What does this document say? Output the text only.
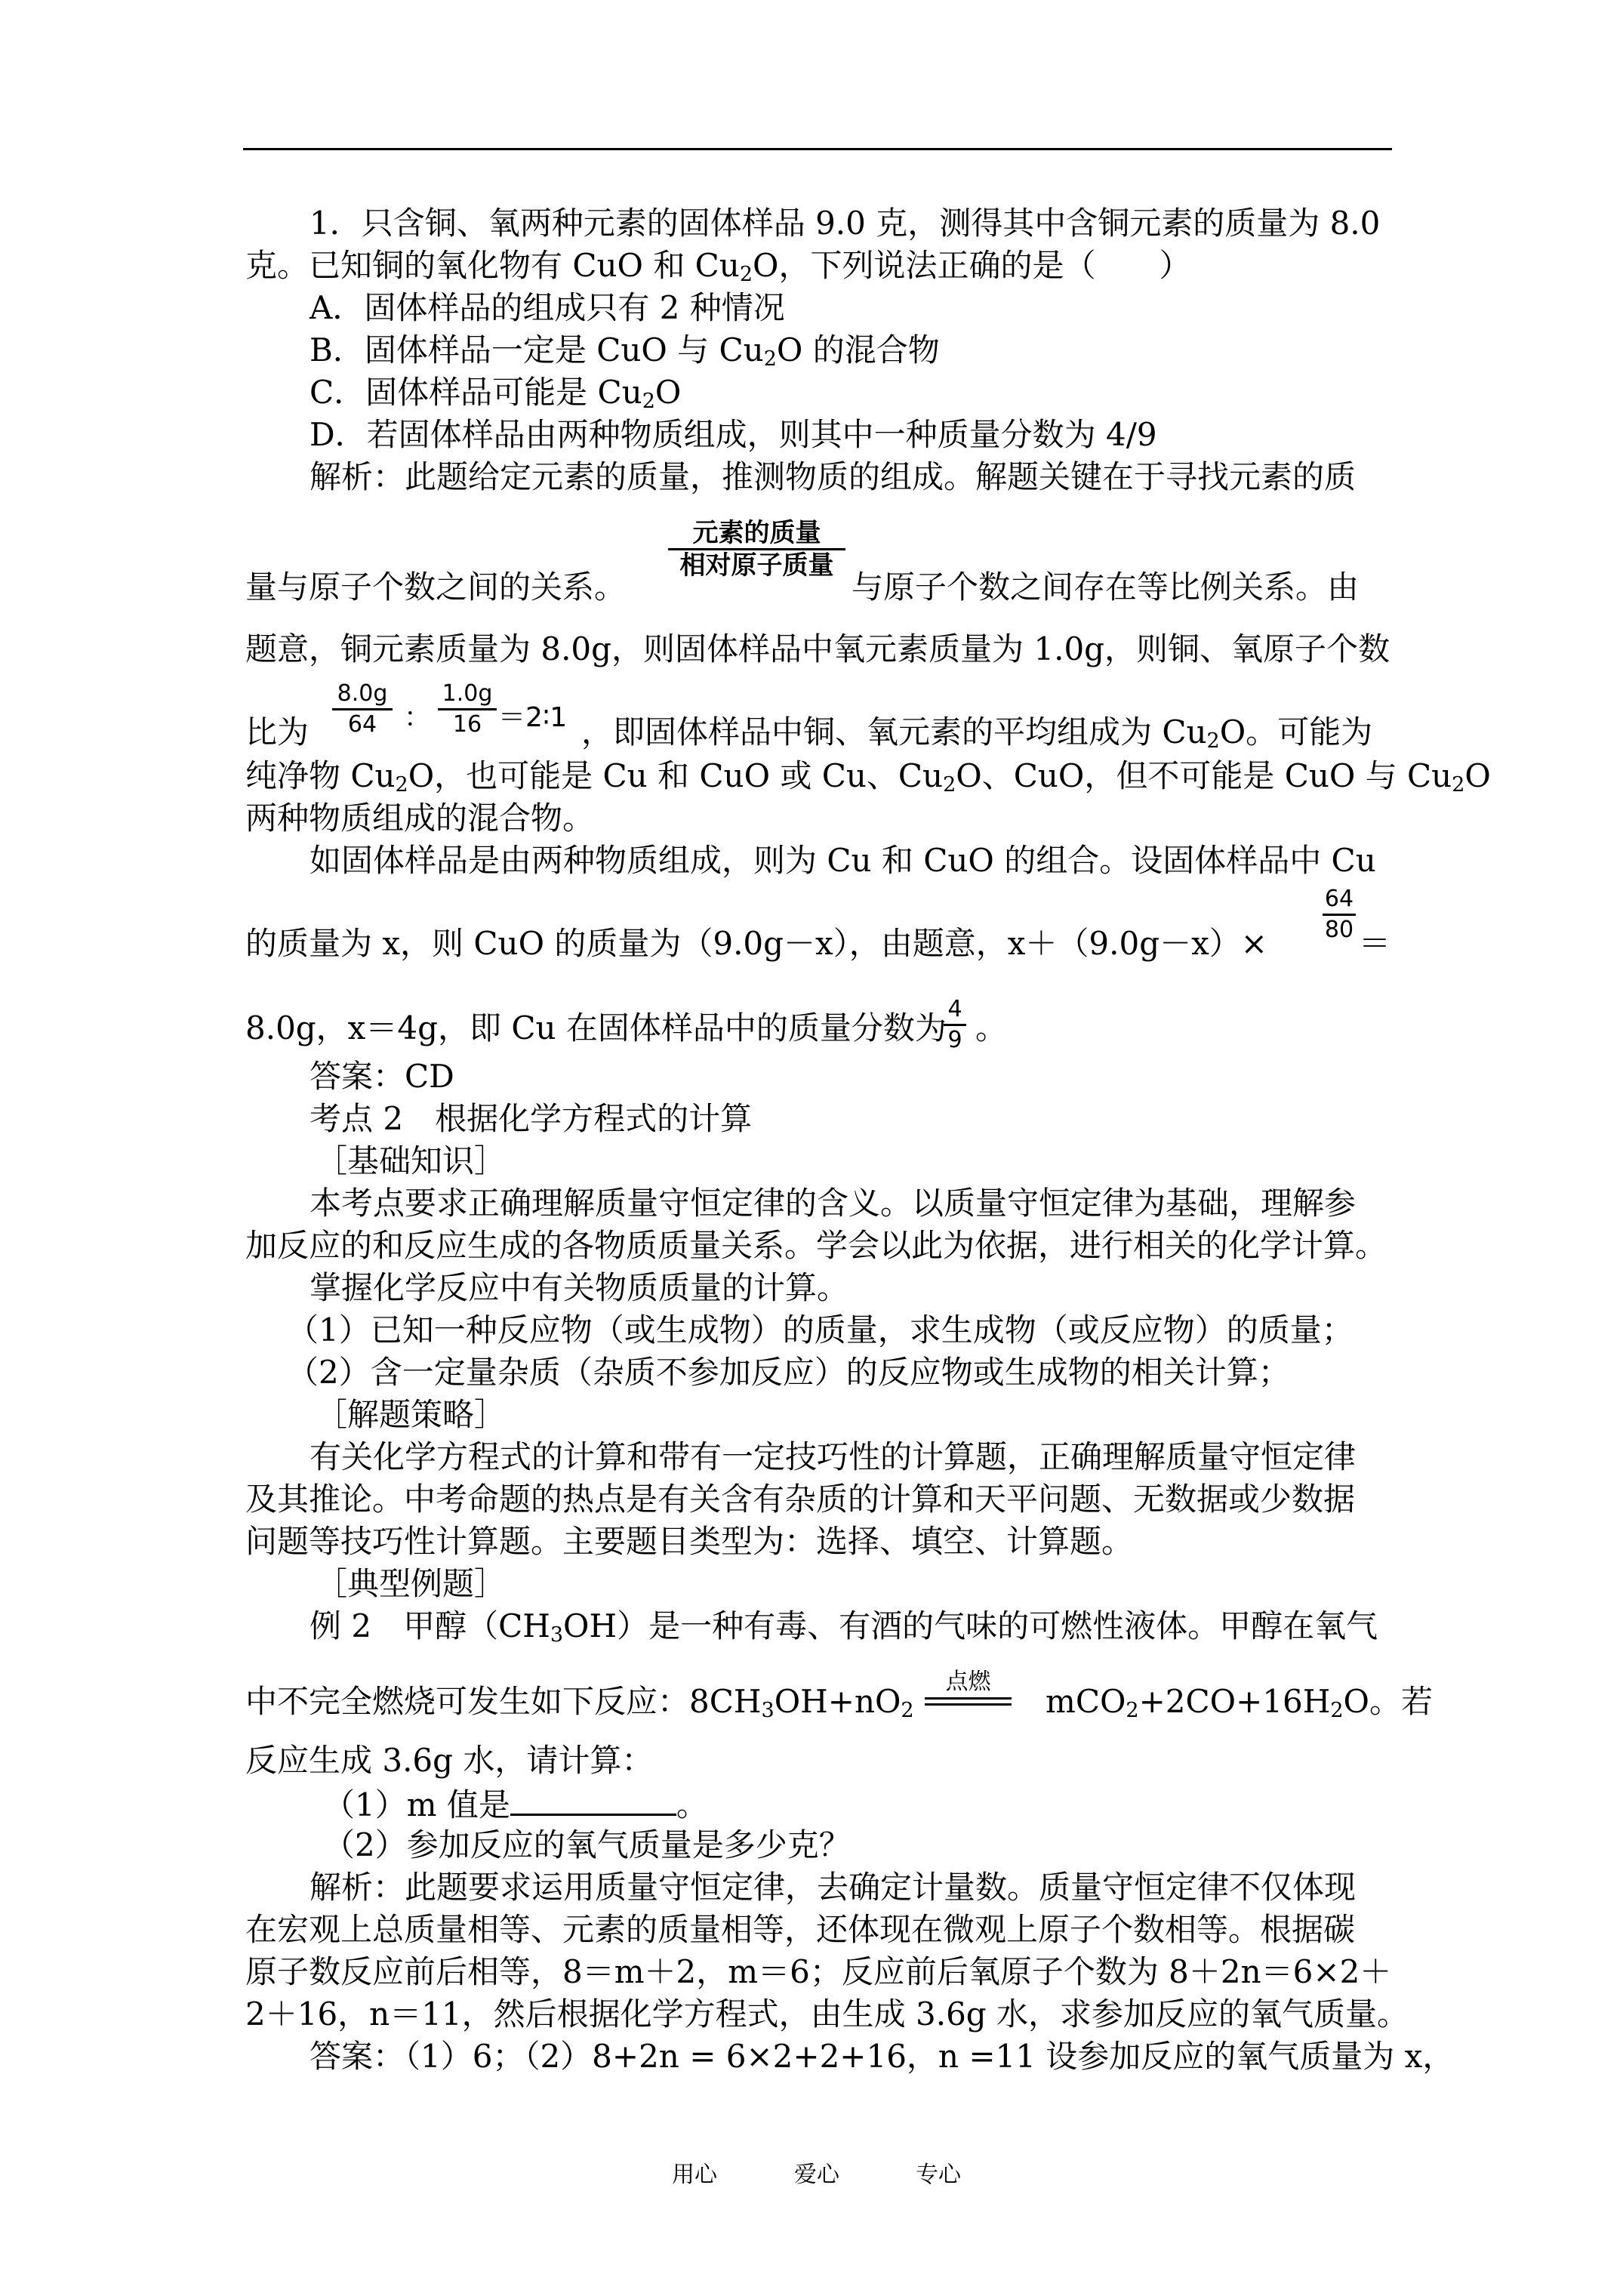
1．只含铜、氧两种元素的固体样品 9.0 克，测得其中含铜元素的质量为 8.0
克。已知铜的氧化物有 CuO 和 $Cu_2O$，下列说法正确的是（　　）
A．固体样品的组成只有 2 种情况
B．固体样品一定是 CuO 与 $Cu_2O$ 的混合物
C．固体样品可能是 $Cu_2O$
D．若固体样品由两种物质组成，则其中一种质量分数为 4/9
解析：此题给定元素的质量，推测物质的组成。解题关键在于寻找元素的质
元素的质量
相对原子质量
量与原子个数之间的关系。	与原子个数之间存在等比例关系。由
题意，铜元素质量为 8.0g，则固体样品中氧元素质量为 1.0g，则铜、氧原子个数
8.0g
64 ：
1.0g
16 ＝2∶1
比为	，即固体样品中铜、氧元素的平均组成为 $Cu_2O$。可能为
纯净物 $Cu_2O$，也可能是 Cu 和 CuO 或 Cu、$Cu_2O$、CuO，但不可能是 CuO 与 $Cu_2O$
两种物质组成的混合物。
如固体样品是由两种物质组成，则为 Cu 和 CuO 的组合。设固体样品中 Cu
64
80
的质量为 x，则 CuO 的质量为（9.0g－x），由题意，x＋（9.0g－x）×	＝
4
9
8.0g，x＝4g，即 Cu 在固体样品中的质量分数为 。
答案：CD
考点 2　根据化学方程式的计算
［基础知识］
本考点要求正确理解质量守恒定律的含义。以质量守恒定律为基础，理解参
加反应的和反应生成的各物质质量关系。学会以此为依据，进行相关的化学计算。
掌握化学反应中有关物质质量的计算。
（1）已知一种反应物（或生成物）的质量，求生成物（或反应物）的质量；
（2）含一定量杂质（杂质不参加反应）的反应物或生成物的相关计算；
［解题策略］
有关化学方程式的计算和带有一定技巧性的计算题，正确理解质量守恒定律
及其推论。中考命题的热点是有关含有杂质的计算和天平问题、无数据或少数据
问题等技巧性计算题。主要题目类型为：选择、填空、计算题。
［典型例题］
例 2　甲醇$(CH_3OH)$是一种有毒、有酒的气味的可燃性液体。甲醇在氧气
中不完全燃烧可发生如下反应：$8CH_3OH+nO_2$
点燃
$mCO_2+2CO+16H_2O$。若
反应生成 3.6g 水，请计算：
（1）m 值是	。
（2）参加反应的氧气质量是多少克？
解析：此题要求运用质量守恒定律，去确定计量数。质量守恒定律不仅体现
在宏观上总质量相等、元素的质量相等，还体现在微观上原子个数相等。根据碳
原子数反应前后相等，8＝m＋2，m＝6；反应前后氧原子个数为 8＋2n＝6×2＋
2＋16，n＝11，然后根据化学方程式，由生成 3.6g 水，求参加反应的氧气质量。
答案：（1）6；（2）8+2n = 6×2+2+16，n =11 设参加反应的氧气质量为 x，
用心	爱心	专心
